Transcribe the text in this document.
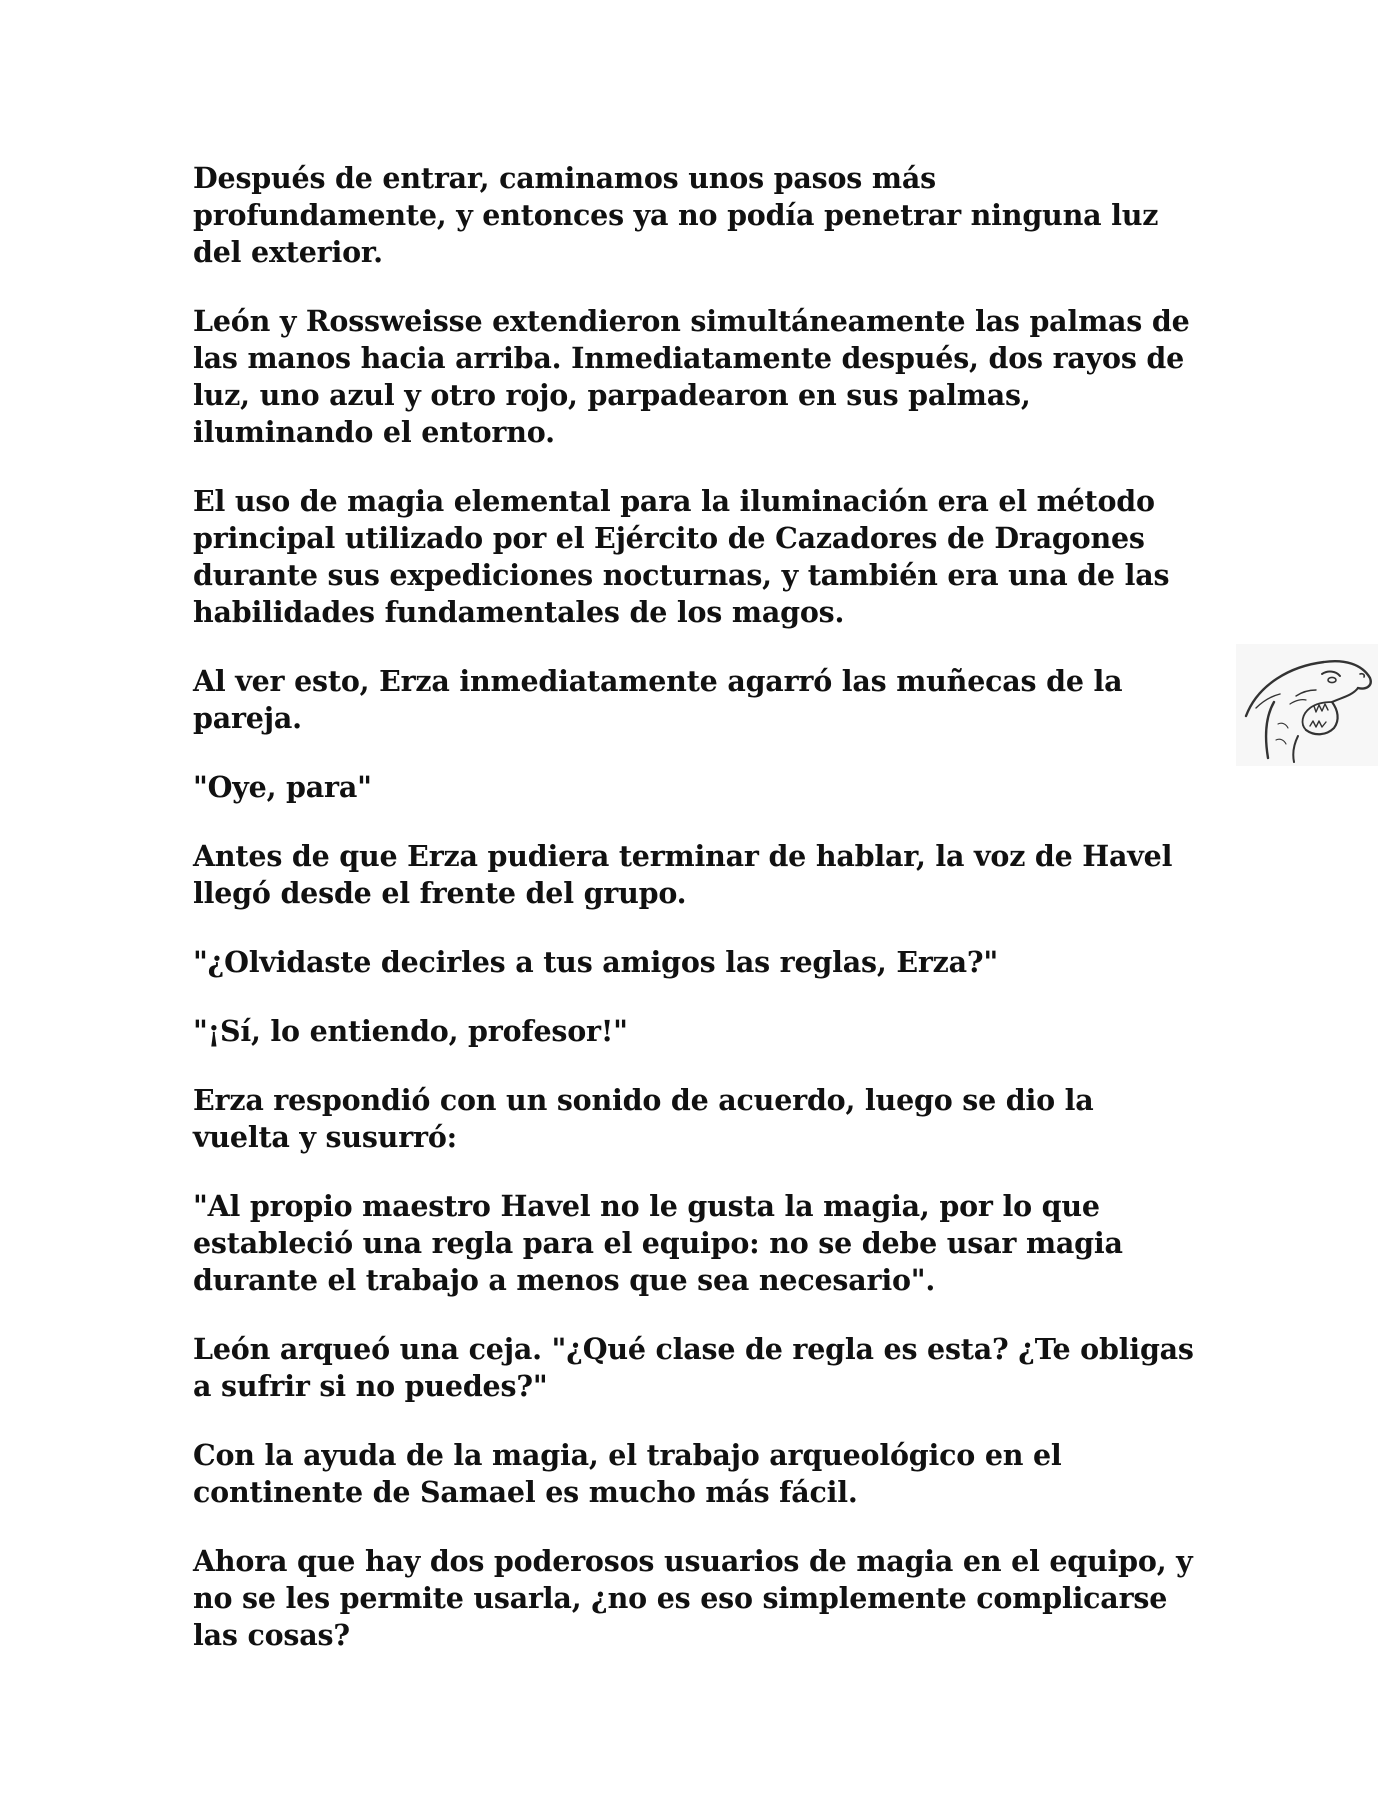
Después de entrar, caminamos unos pasos más profundamente, y entonces ya no podía penetrar ninguna luz del exterior.

León y Rossweisse extendieron simultáneamente las palmas de las manos hacia arriba. Inmediatamente después, dos rayos de luz, uno azul y otro rojo, parpadearon en sus palmas, iluminando el entorno.

El uso de magia elemental para la iluminación era el método principal utilizado por el Ejército de Cazadores de Dragones durante sus expediciones nocturnas, y también era una de las habilidades fundamentales de los magos.

Al ver esto, Erza inmediatamente agarró las muñecas de la pareja.

"Oye, para"

Antes de que Erza pudiera terminar de hablar, la voz de Havel llegó desde el frente del grupo.

"¿Olvidaste decirles a tus amigos las reglas, Erza?"

"¡Sí, lo entiendo, profesor!"

Erza respondió con un sonido de acuerdo, luego se dio la vuelta y susurró:

"Al propio maestro Havel no le gusta la magia, por lo que estableció una regla para el equipo: no se debe usar magia durante el trabajo a menos que sea necesario".

León arqueó una ceja. "¿Qué clase de regla es esta? ¿Te obligas a sufrir si no puedes?"

Con la ayuda de la magia, el trabajo arqueológico en el continente de Samael es mucho más fácil.

Ahora que hay dos poderosos usuarios de magia en el equipo, y no se les permite usarla, ¿no es eso simplemente complicarse las cosas?
